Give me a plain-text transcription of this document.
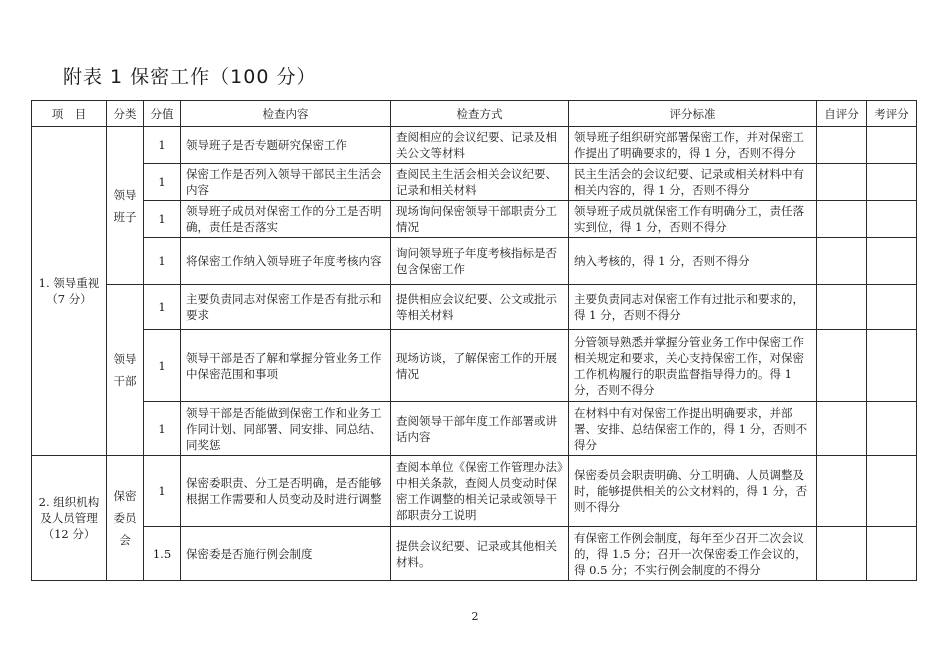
附表 1 保密工作（100 分）
项　目	分类	分值	检查内容	检查方式	评分标准	自评分	考评分
1. 领导重视（7 分）	领导班子	1	领导班子是否专题研究保密工作	查阅相应的会议纪要、记录及相关公文等材料	领导班子组织研究部署保密工作，并对保密工作提出了明确要求的，得 1 分，否则不得分		
		1	保密工作是否列入领导干部民主生活会内容	查阅民主生活会相关会议纪要、记录和相关材料	民主生活会的会议纪要、记录或相关材料中有相关内容的，得 1 分，否则不得分		
		1	领导班子成员对保密工作的分工是否明确，责任是否落实	现场询问保密领导干部职责分工情况	领导班子成员就保密工作有明确分工，责任落实到位，得 1 分，否则不得分		
		1	将保密工作纳入领导班子年度考核内容	询问领导班子年度考核指标是否包含保密工作	纳入考核的，得 1 分，否则不得分		
	领导干部	1	主要负责同志对保密工作是否有批示和要求	提供相应会议纪要、公文或批示等相关材料	主要负责同志对保密工作有过批示和要求的，得 1 分，否则不得分		
		1	领导干部是否了解和掌握分管业务工作中保密范围和事项	现场访谈，了解保密工作的开展情况	分管领导熟悉并掌握分管业务工作中保密工作相关规定和要求，关心支持保密工作，对保密工作机构履行的职责监督指导得力的。得 1 分，否则不得分		
		1	领导干部是否能做到保密工作和业务工作同计划、同部署、同安排、同总结、同奖惩	查阅领导干部年度工作部署或讲话内容	在材料中有对保密工作提出明确要求，并部署、安排、总结保密工作的，得 1 分，否则不得分		
2. 组织机构及人员管理（12 分）	保密委员会	1	保密委职责、分工是否明确，是否能够根据工作需要和人员变动及时进行调整	查阅本单位《保密工作管理办法》中相关条款，查阅人员变动时保密工作调整的相关记录或领导干部职责分工说明	保密委员会职责明确、分工明确、人员调整及时，能够提供相关的公文材料的，得 1 分，否则不得分		
		1.5	保密委是否施行例会制度	提供会议纪要、记录或其他相关材料。	有保密工作例会制度，每年至少召开二次会议的，得 1.5 分；召开一次保密委工作会议的，得 0.5 分；不实行例会制度的不得分		
2
